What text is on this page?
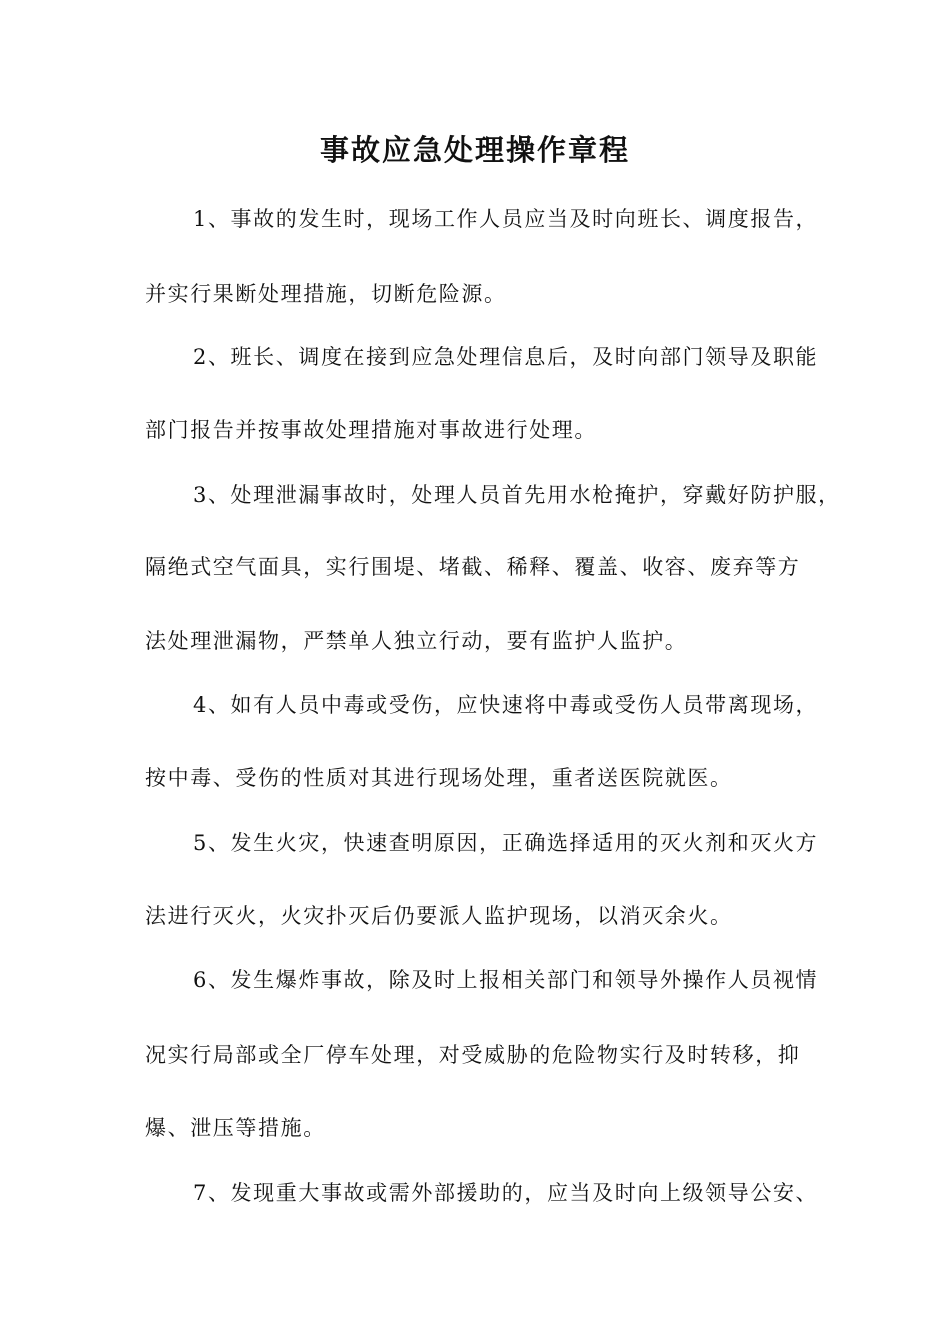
事故应急处理操作章程
1、事故的发生时，现场工作人员应当及时向班长、调度报告，
并实行果断处理措施，切断危险源。
2、班长、调度在接到应急处理信息后，及时向部门领导及职能
部门报告并按事故处理措施对事故进行处理。
3、处理泄漏事故时，处理人员首先用水枪掩护，穿戴好防护服，
隔绝式空气面具，实行围堤、堵截、稀释、覆盖、收容、废弃等方
法处理泄漏物，严禁单人独立行动，要有监护人监护。
4、如有人员中毒或受伤，应快速将中毒或受伤人员带离现场，
按中毒、受伤的性质对其进行现场处理，重者送医院就医。
5、发生火灾，快速查明原因，正确选择适用的灭火剂和灭火方
法进行灭火，火灾扑灭后仍要派人监护现场，以消灭余火。
6、发生爆炸事故，除及时上报相关部门和领导外操作人员视情
况实行局部或全厂停车处理，对受威胁的危险物实行及时转移，抑
爆、泄压等措施。
7、发现重大事故或需外部援助的，应当及时向上级领导公安、
